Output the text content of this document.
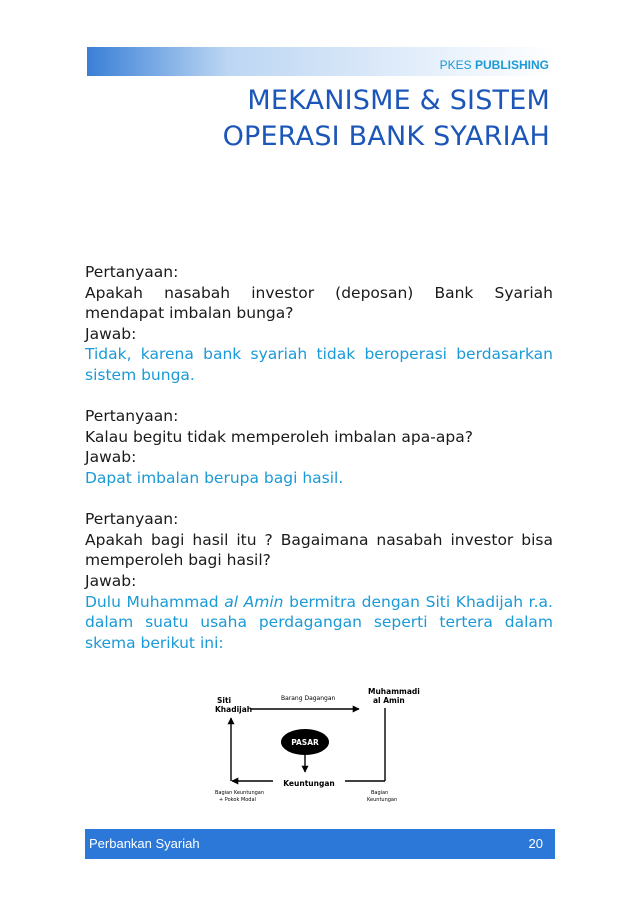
PKES PUBLISHING
MEKANISME & SISTEM
OPERASI BANK SYARIAH

Pertanyaan:

Apakah nasabah investor (deposan) Bank Syariah mendapat imbalan bunga?

Jawab:

Tidak, karena bank syariah tidak beroperasi berdasarkan sistem bunga.

Pertanyaan:

Kalau begitu tidak memperoleh imbalan apa-apa?

Jawab:

Dapat imbalan berupa bagi hasil.

Pertanyaan:

Apakah bagi hasil itu ? Bagaimana nasabah investor bisa memperoleh bagi hasil?

Jawab:

Dulu Muhammad al Amin bermitra dengan Siti Khadijah r.a. dalam suatu usaha perdagangan seperti tertera dalam skema berikut ini:

Siti
Khadijah
Muhammadi
al Amin
Barang Dagangan
PASAR
Keuntungan
Bagian Keuntungan
+ Pokok Modal
Bagian
Keuntungan
Perbankan Syariah	20
